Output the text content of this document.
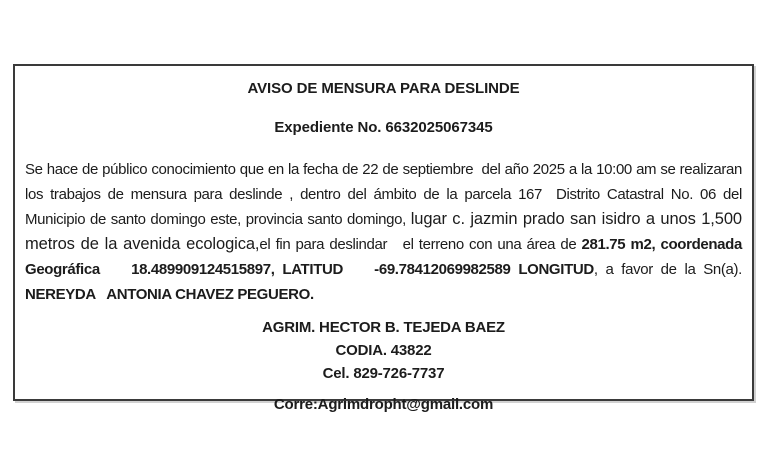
AVISO DE MENSURA PARA DESLINDE
Expediente No. 6632025067345
Se hace de público conocimiento que en la fecha de 22 de septiembre  del año 2025 a la 10:00 am se realizaran los trabajos de mensura para deslinde , dentro del ámbito de la parcela 167  Distrito Catastral No. 06 del Municipio de santo domingo este, provincia santo domingo, lugar c. jazmin prado san isidro a unos 1,500 metros de la avenida ecologica,el fin para deslindar   el terreno con una área de 281.75 m2, coordenada Geográfica    18.489909124515897, LATITUD    -69.78412069982589 LONGITUD, a favor de la Sn(a). NEREYDA   ANTONIA CHAVEZ PEGUERO.
AGRIM. HECTOR B. TEJEDA BAEZ
CODIA. 43822
Cel. 829-726-7737
Corre:Agrimdropht@gmail.com
